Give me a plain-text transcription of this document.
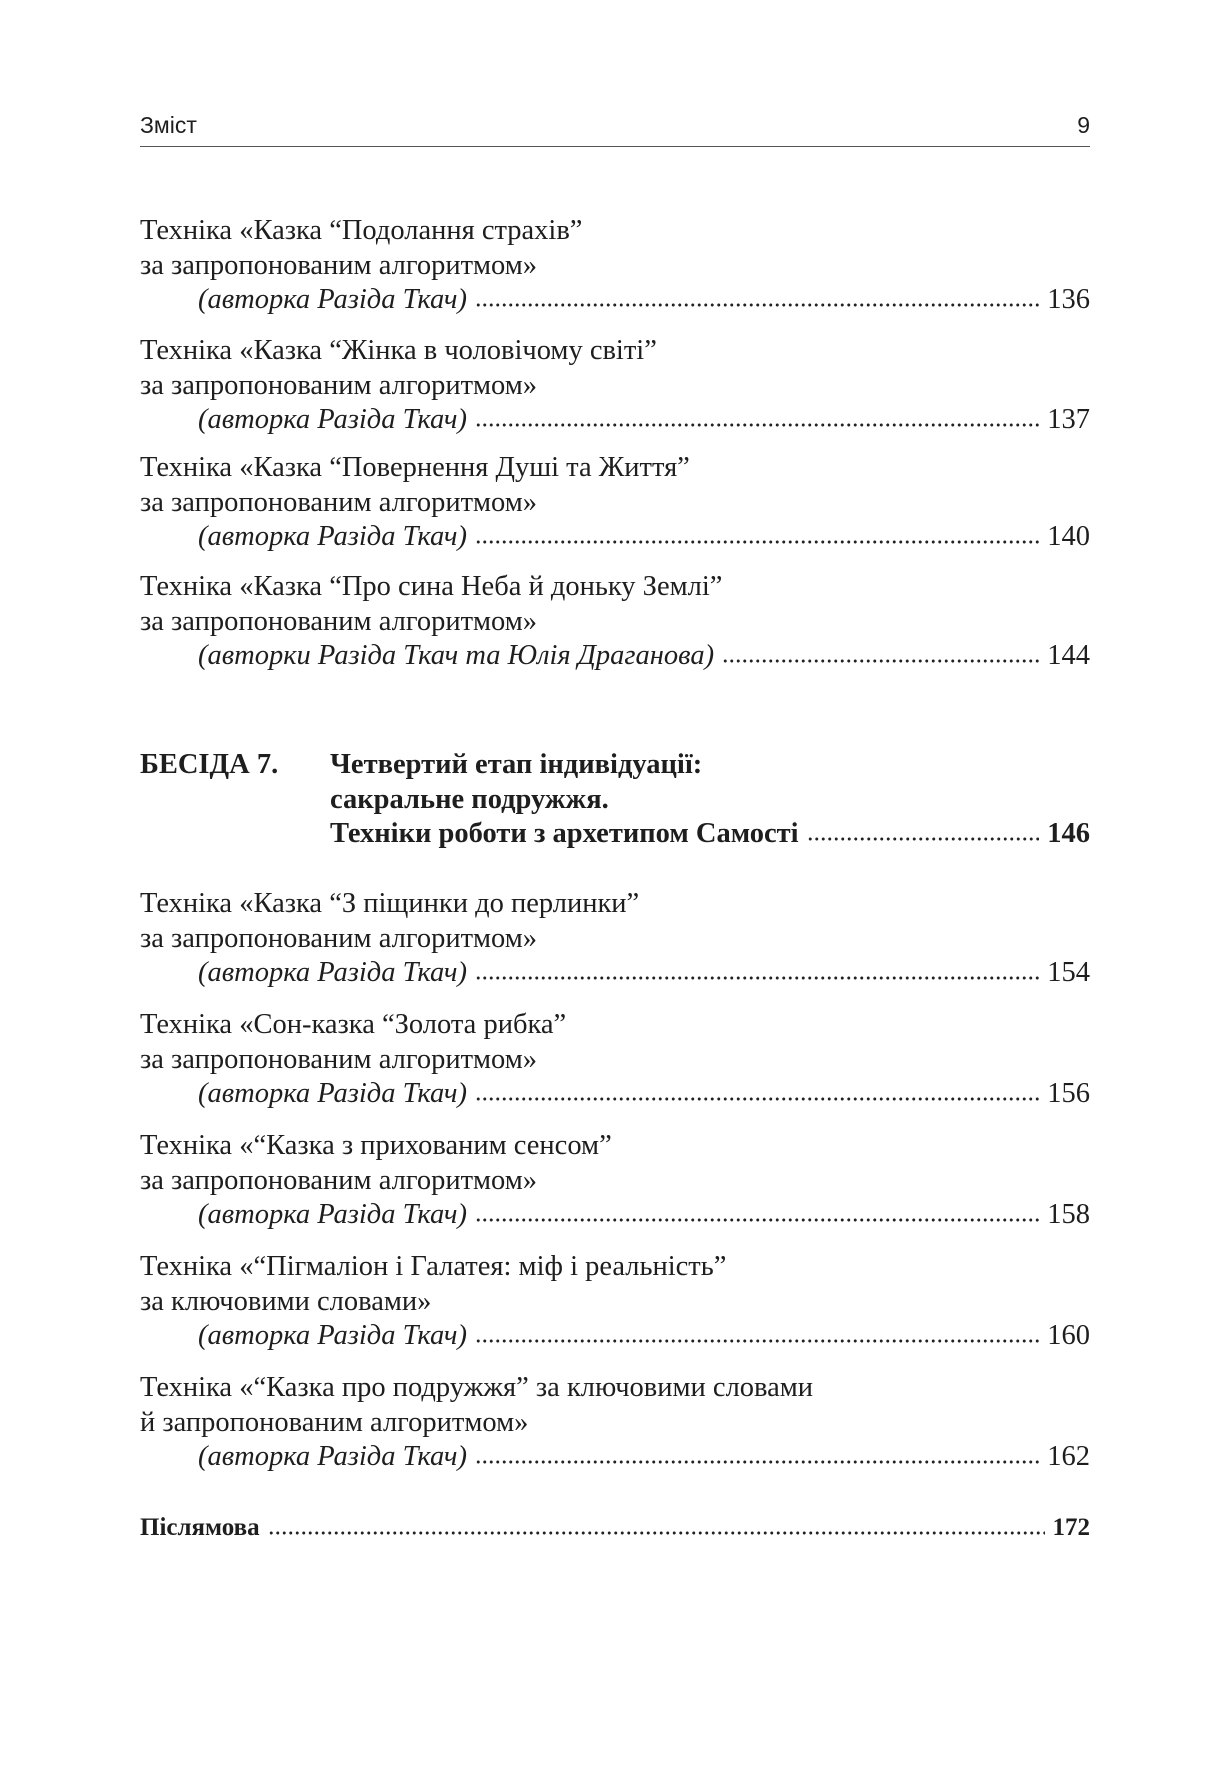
Зміст	9
Техніка «Казка “Подолання страхів”
за запропонованим алгоритмом»
(авторка Разіда Ткач)	136
Техніка «Казка “Жінка в чоловічому світі”
за запропонованим алгоритмом»
(авторка Разіда Ткач)	137
Техніка «Казка “Повернення Душі та Життя”
за запропонованим алгоритмом»
(авторка Разіда Ткач)	140
Техніка «Казка “Про сина Неба й доньку Землі”
за запропонованим алгоритмом»
(авторки Разіда Ткач та Юлія Драганова)	144
БЕСІДА 7.	Четвертий етап індивідуації:
сакральне подружжя.
Техніки роботи з архетипом Самості	146
Техніка «Казка “З піщинки до перлинки”
за запропонованим алгоритмом»
(авторка Разіда Ткач)	154
Техніка «Сон-казка “Золота рибка”
за запропонованим алгоритмом»
(авторка Разіда Ткач)	156
Техніка «“Казка з прихованим сенсом”
за запропонованим алгоритмом»
(авторка Разіда Ткач)	158
Техніка «“Пігмаліон і Галатея: міф і реальність”
за ключовими словами»
(авторка Разіда Ткач)	160
Техніка «“Казка про подружжя” за ключовими словами
й запропонованим алгоритмом»
(авторка Разіда Ткач)	162
Післямова	172
